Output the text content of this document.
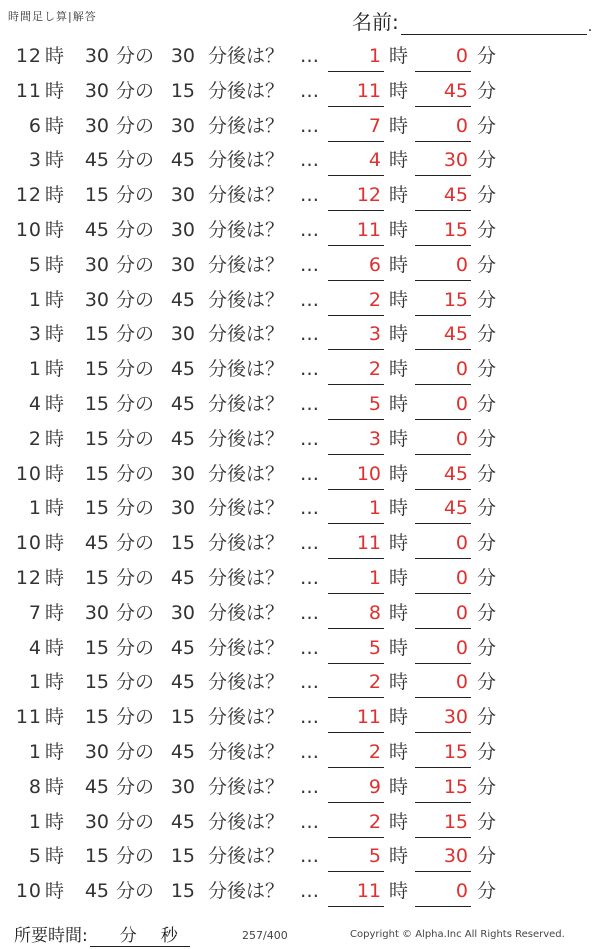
時間足し算|解答	名前:	.
12 時	30 分の 30 分後は？ …	1 時	0 分
11 時	30 分の 15 分後は？ …	11 時	45 分
6 時	30 分の 30 分後は？ …	7 時	0 分
3 時	45 分の 45 分後は？ …	4 時	30 分
12 時	15 分の 30 分後は？ …	12 時	45 分
10 時	45 分の 30 分後は？ …	11 時	15 分
5 時	30 分の 30 分後は？ …	6 時	0 分
1 時	30 分の 45 分後は？ …	2 時	15 分
3 時	15 分の 30 分後は？ …	3 時	45 分
1 時	15 分の 45 分後は？ …	2 時	0 分
4 時	15 分の 45 分後は？ …	5 時	0 分
2 時	15 分の 45 分後は？ …	3 時	0 分
10 時	15 分の 30 分後は？ …	10 時	45 分
1 時	15 分の 30 分後は？ …	1 時	45 分
10 時	45 分の 15 分後は？ …	11 時	0 分
12 時	15 分の 45 分後は？ …	1 時	0 分
7 時	30 分の 30 分後は？ …	8 時	0 分
4 時	15 分の 45 分後は？ …	5 時	0 分
1 時	15 分の 45 分後は？ …	2 時	0 分
11 時	15 分の 15 分後は？ …	11 時	30 分
1 時	30 分の 45 分後は？ …	2 時	15 分
8 時	45 分の 30 分後は？ …	9 時	15 分
1 時	30 分の 45 分後は？ …	2 時	15 分
5 時	15 分の 15 分後は？ …	5 時	30 分
10 時	45 分の 15 分後は？ …	11 時	0 分
所要時間: 分 秒	257/400	Copyright © Alpha.Inc All Rights Reserved.
